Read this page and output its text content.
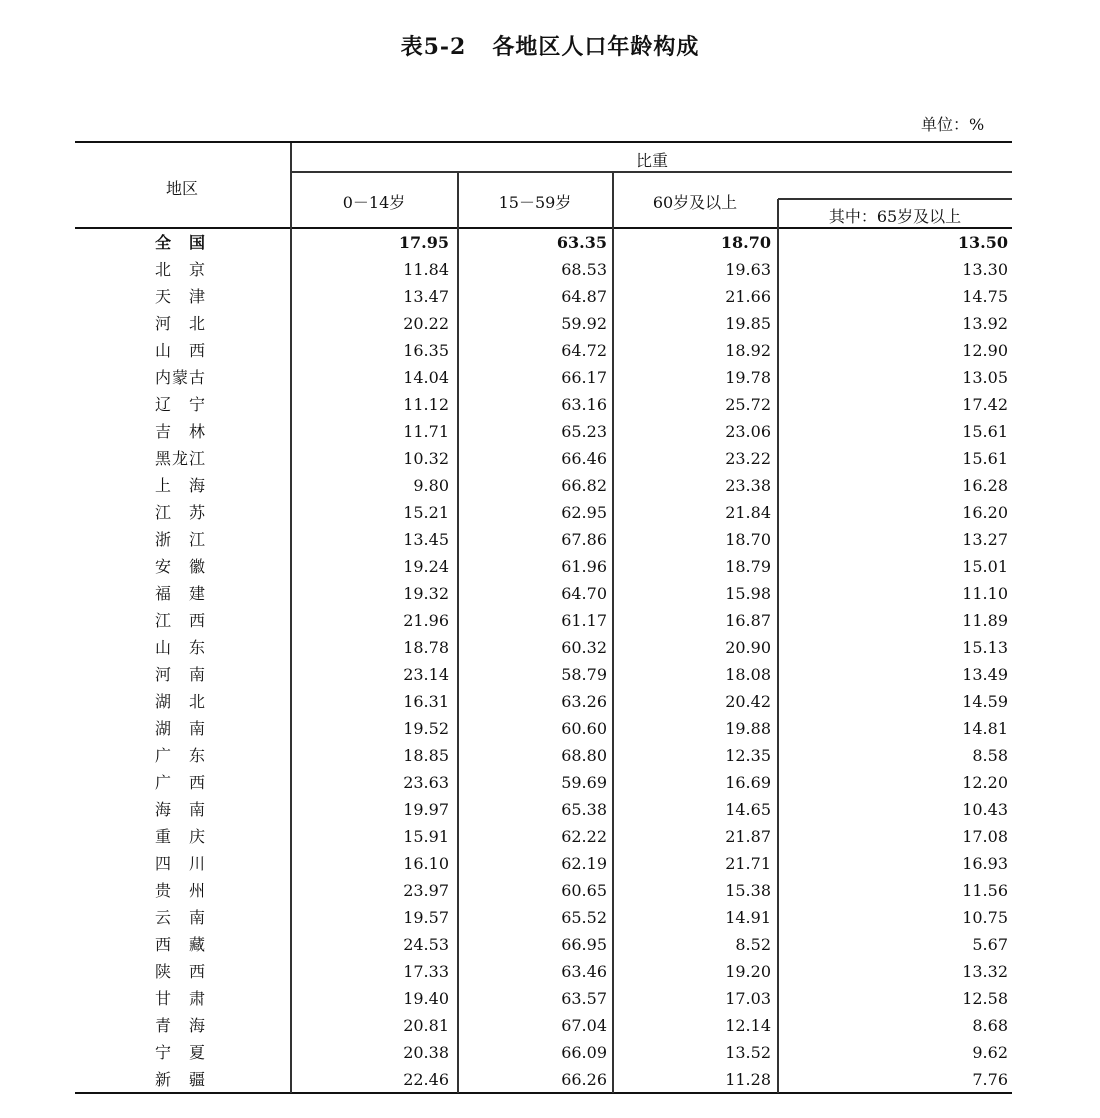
表5-2 各地区人口年龄构成
单位：%
地区
比重
0－14岁	15－59岁	60岁及以上
其中：65岁及以上
全国	17.95	63.35	18.70	13.50
北京	11.84	68.53	19.63	13.30
天津	13.47	64.87	21.66	14.75
河北	20.22	59.92	19.85	13.92
山西	16.35	64.72	18.92	12.90
内蒙古	14.04	66.17	19.78	13.05
辽宁	11.12	63.16	25.72	17.42
吉林	11.71	65.23	23.06	15.61
黑龙江	10.32	66.46	23.22	15.61
上海	9.80	66.82	23.38	16.28
江苏	15.21	62.95	21.84	16.20
浙江	13.45	67.86	18.70	13.27
安徽	19.24	61.96	18.79	15.01
福建	19.32	64.70	15.98	11.10
江西	21.96	61.17	16.87	11.89
山东	18.78	60.32	20.90	15.13
河南	23.14	58.79	18.08	13.49
湖北	16.31	63.26	20.42	14.59
湖南	19.52	60.60	19.88	14.81
广东	18.85	68.80	12.35	8.58
广西	23.63	59.69	16.69	12.20
海南	19.97	65.38	14.65	10.43
重庆	15.91	62.22	21.87	17.08
四川	16.10	62.19	21.71	16.93
贵州	23.97	60.65	15.38	11.56
云南	19.57	65.52	14.91	10.75
西藏	24.53	66.95	8.52	5.67
陕西	17.33	63.46	19.20	13.32
甘肃	19.40	63.57	17.03	12.58
青海	20.81	67.04	12.14	8.68
宁夏	20.38	66.09	13.52	9.62
新疆	22.46	66.26	11.28	7.76
